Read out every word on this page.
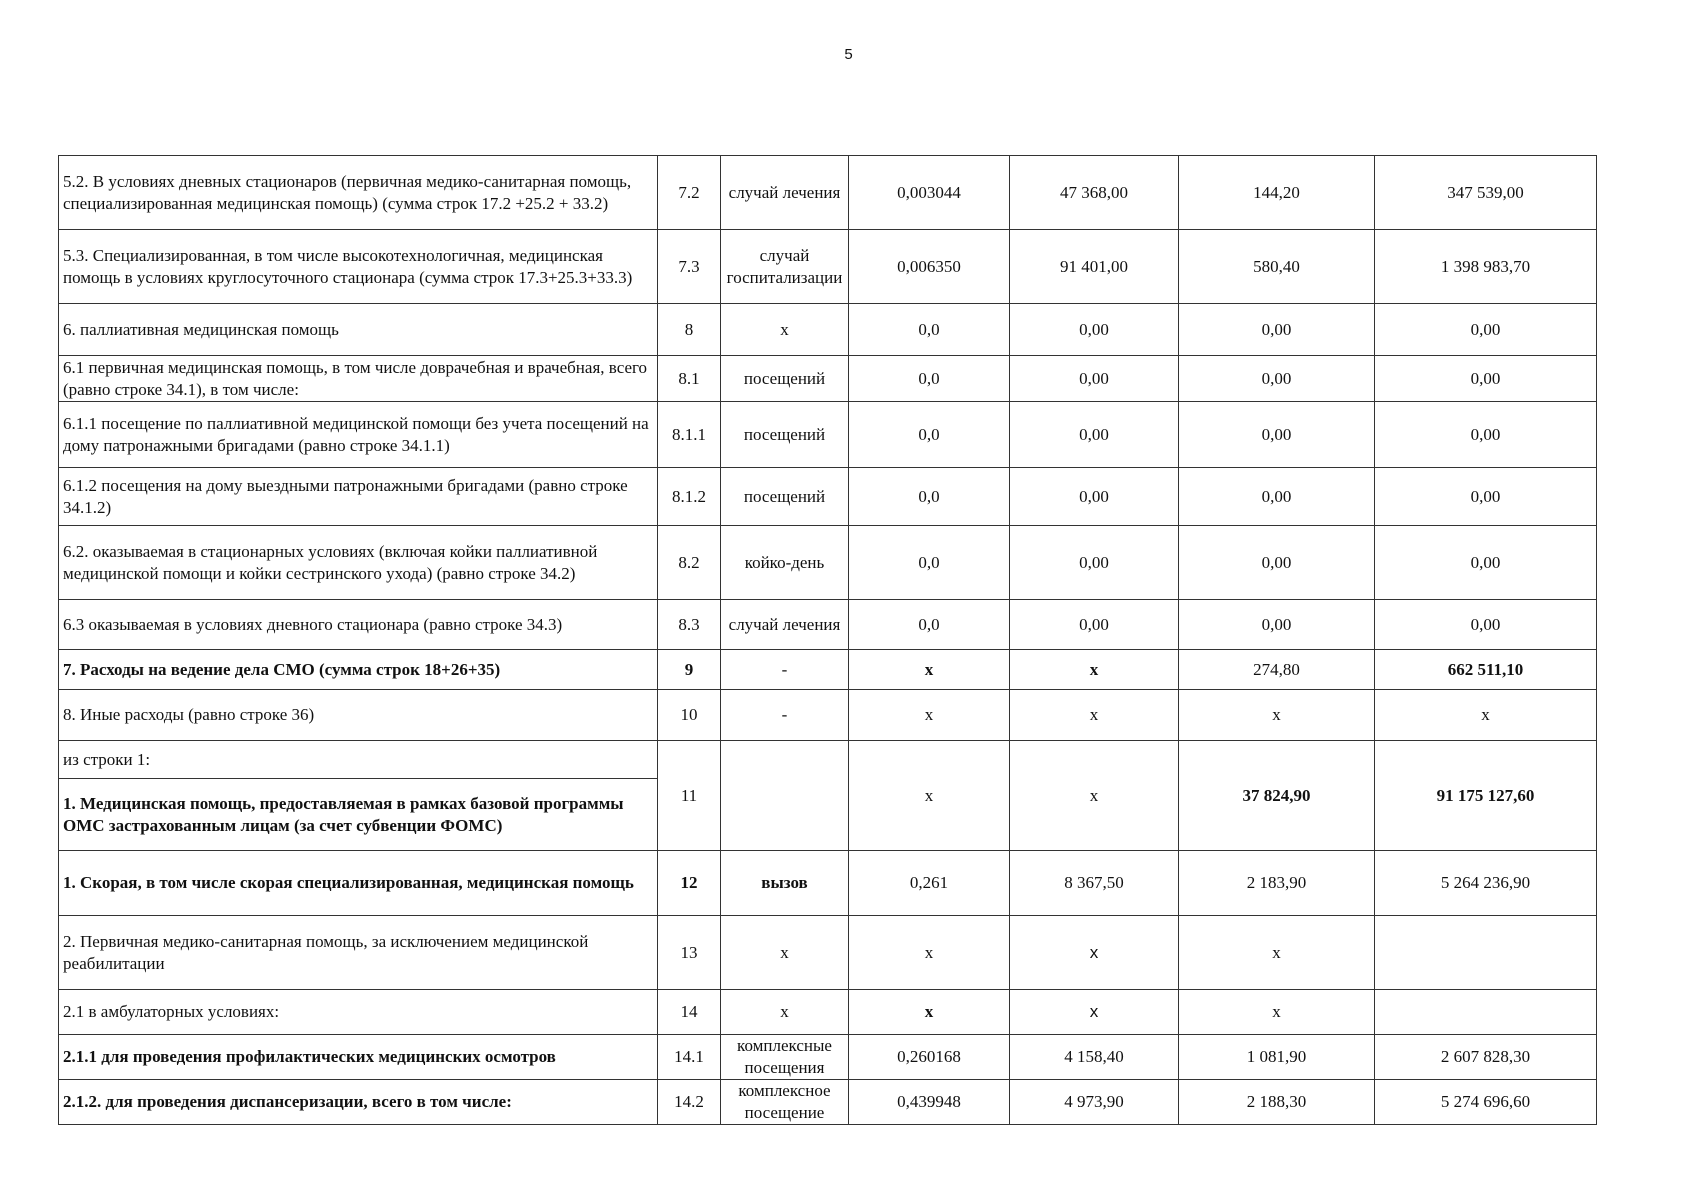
5
5.2. В условиях дневных стационаров (первичная медико-санитарная помощь, специализированная медицинская помощь) (сумма строк 17.2 +25.2 + 33.2)	7.2	случай лечения	0,003044	47 368,00	144,20	347 539,00
5.3. Специализированная, в том числе высокотехнологичная, медицинская помощь в условиях круглосуточного стационара (сумма строк 17.3+25.3+33.3)	7.3	случай госпитализации	0,006350	91 401,00	580,40	1 398 983,70
6. паллиативная медицинская помощь	8	х	0,0	0,00	0,00	0,00
6.1 первичная медицинская помощь, в том числе доврачебная и врачебная, всего (равно строке 34.1), в том числе:	8.1	посещений	0,0	0,00	0,00	0,00
6.1.1 посещение по паллиативной медицинской помощи без учета посещений на дому патронажными бригадами (равно строке 34.1.1)	8.1.1	посещений	0,0	0,00	0,00	0,00
6.1.2 посещения на дому выездными патронажными бригадами (равно строке 34.1.2)	8.1.2	посещений	0,0	0,00	0,00	0,00
6.2. оказываемая в стационарных условиях (включая койки паллиативной медицинской помощи и койки сестринского ухода) (равно строке 34.2)	8.2	койко-день	0,0	0,00	0,00	0,00
6.3 оказываемая в условиях дневного стационара (равно строке 34.3)	8.3	случай лечения	0,0	0,00	0,00	0,00
7. Расходы на ведение дела СМО (сумма строк 18+26+35)	9	-	х	х	274,80	662 511,10
8. Иные расходы (равно строке 36)	10	-	х	х	х	х
из строки 1:	11		х	х	37 824,90	91 175 127,60
1. Медицинская помощь, предоставляемая в рамках базовой программы ОМС застрахованным лицам (за счет субвенции ФОМС)						
1. Скорая, в том числе скорая специализированная, медицинская помощь	12	вызов	0,261	8 367,50	2 183,90	5 264 236,90
2. Первичная медико-санитарная помощь, за исключением медицинской реабилитации	13	х	х	х	х	
2.1 в амбулаторных условиях:	14	х	х	х	х	
2.1.1 для проведения профилактических медицинских осмотров	14.1	комплексные посещения	0,260168	4 158,40	1 081,90	2 607 828,30
2.1.2. для проведения диспансеризации, всего в том числе:	14.2	комплексное посещение	0,439948	4 973,90	2 188,30	5 274 696,60
